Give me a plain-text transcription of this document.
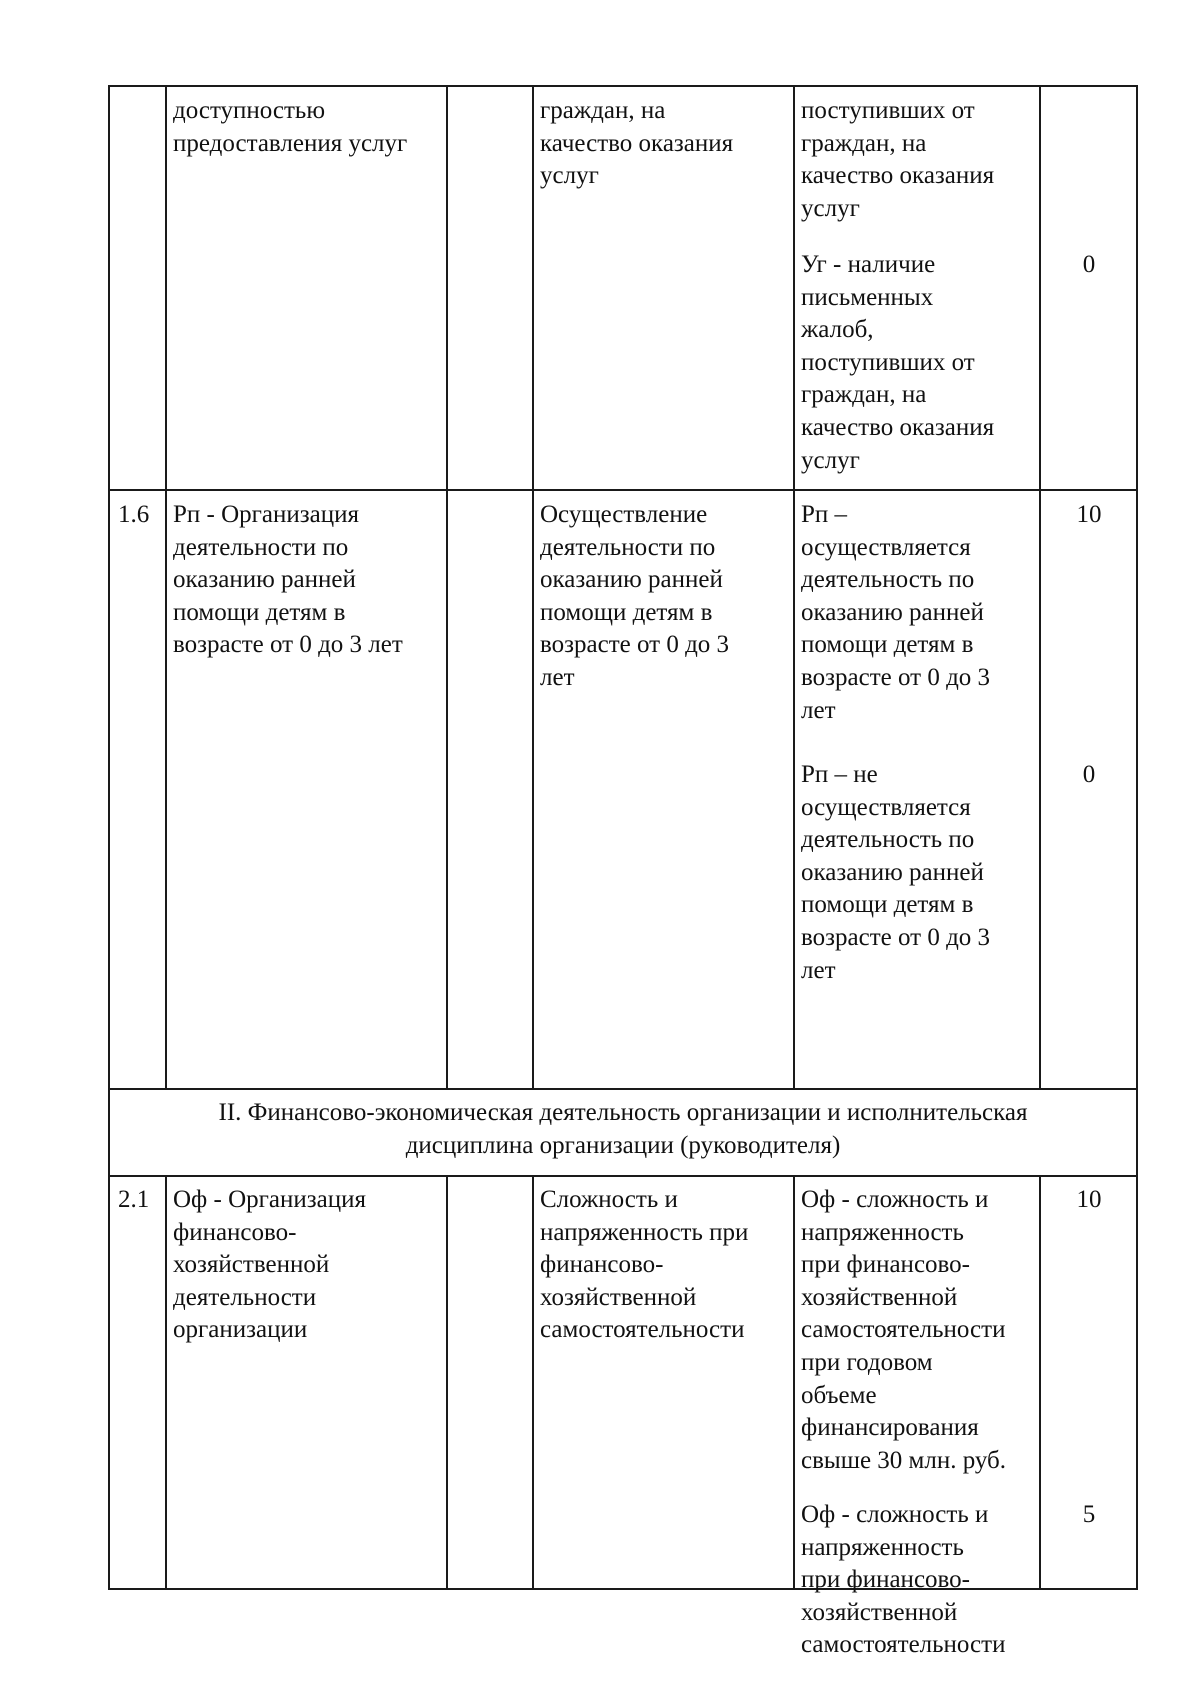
доступностью
предоставления услуг
граждан, на
качество оказания
услуг
поступивших от
граждан, на
качество оказания
услуг
Уг - наличие
письменных
жалоб,
поступивших от
граждан, на
качество оказания
услуг
0
1.6 Рп - Организация
деятельности по
оказанию ранней
помощи детям в
возрасте от 0 до 3 лет
Осуществление
деятельности по
оказанию ранней
помощи детям в
возрасте от 0 до 3
лет
Рп –
осуществляется
деятельность по
оказанию ранней
помощи детям в
возрасте от 0 до 3
лет
10
Рп – не
осуществляется
деятельность по
оказанию ранней
помощи детям в
возрасте от 0 до 3
лет
0
II. Финансово-экономическая деятельность организации и исполнительская
дисциплина организации (руководителя)
2.1 Оф - Организация
финансово-
хозяйственной
деятельности
организации
Сложность и
напряженность при
финансово-
хозяйственной
самостоятельности
Оф - сложность и
напряженность
при финансово-
хозяйственной
самостоятельности
при годовом
объеме
финансирования
свыше 30 млн. руб.
10
Оф - сложность и
напряженность
при финансово-
хозяйственной
самостоятельности
5
